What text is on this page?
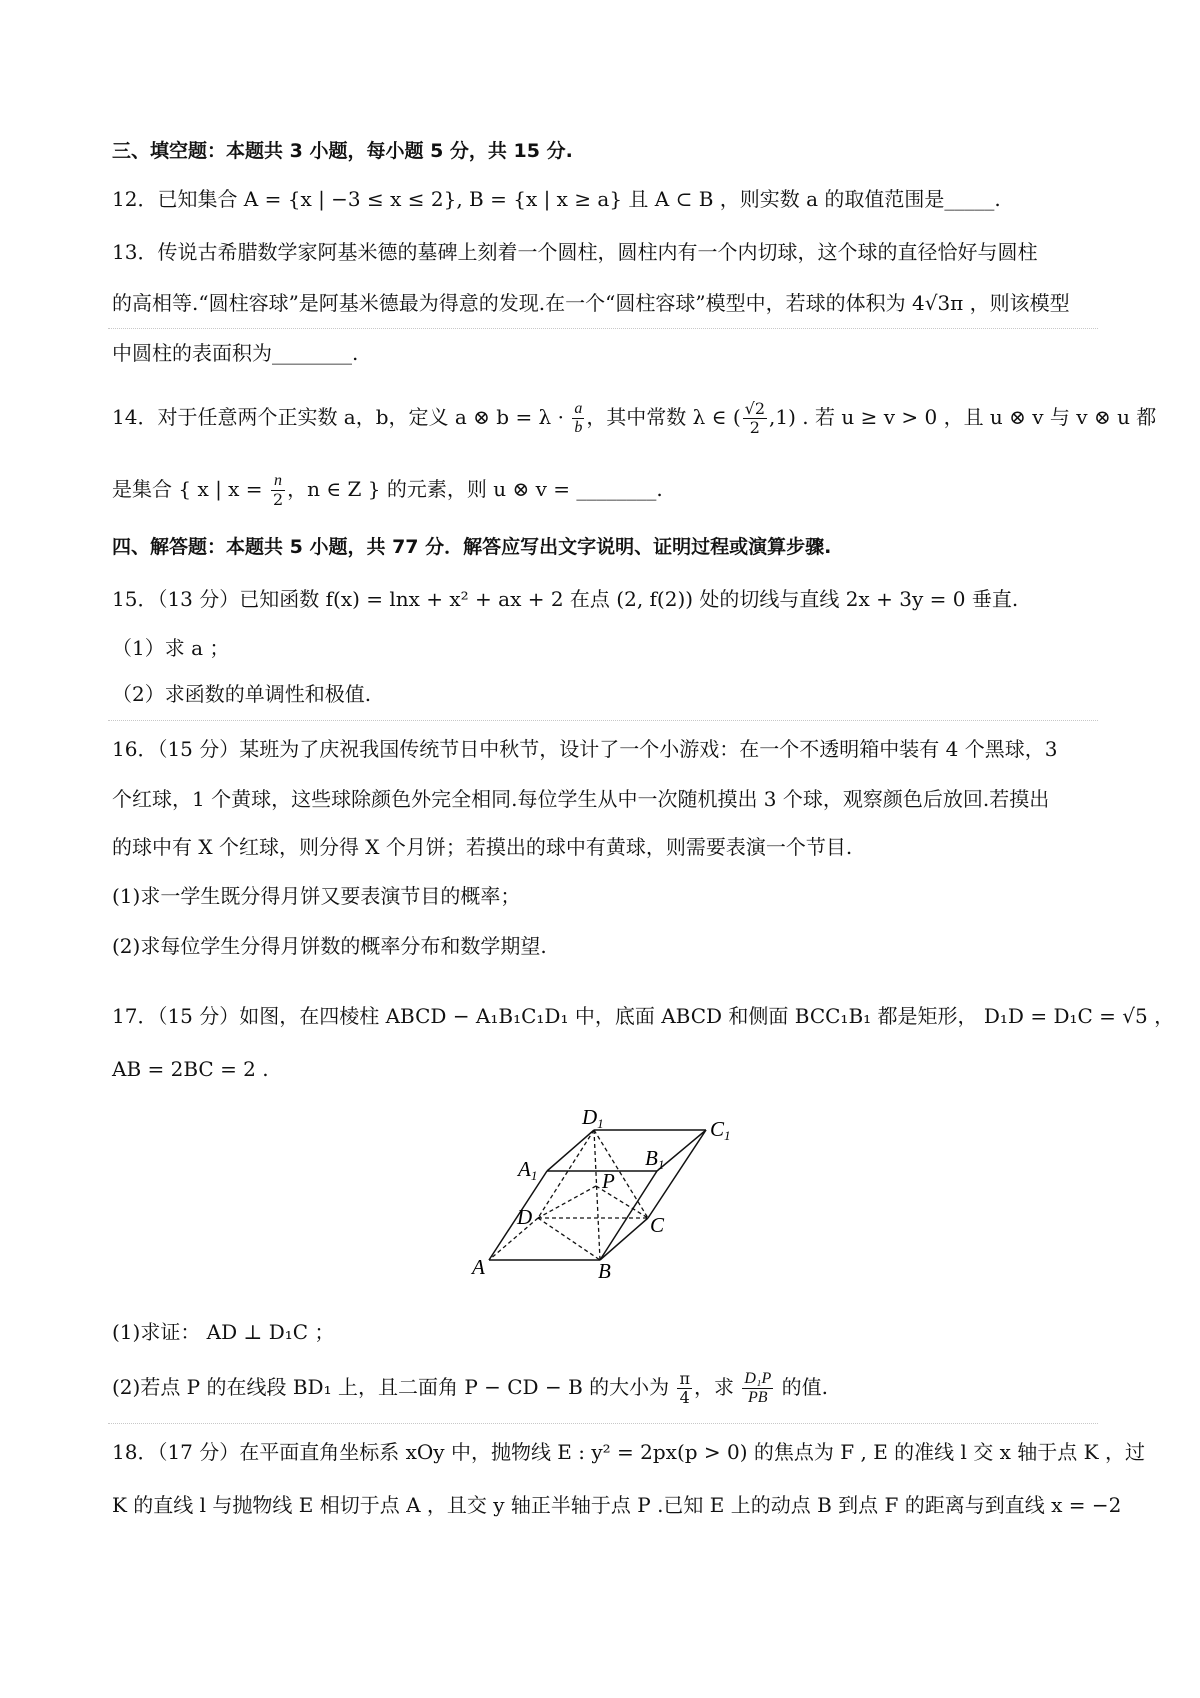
三、填空题：本题共 3 小题，每小题 5 分，共 15 分.
12．已知集合 A = {x | −3 ≤ x ≤ 2}, B = {x | x ≥ a} 且 A ⊂ B ，则实数 a 的取值范围是_____.
13．传说古希腊数学家阿基米德的墓碑上刻着一个圆柱，圆柱内有一个内切球，这个球的直径恰好与圆柱
的高相等.“圆柱容球”是阿基米德最为得意的发现.在一个“圆柱容球”模型中，若球的体积为 4√3π ，则该模型
中圆柱的表面积为________.
14．对于任意两个正实数 a，b，定义 a ⊗ $b = \lambda \cdot \frac{a}{b}$ ，其中常数 λ ∈ ( $\frac{√2}{2} ,1$) . 若 u ≥ v > 0 ，且 u ⊗ v 与 v ⊗ u 都
是集合 { x | $x = \frac{n}{2}$ ，n ∈ Z } 的元素，则 u ⊗ v = ________.
四、解答题：本题共 5 小题，共 77 分．解答应写出文字说明、证明过程或演算步骤.
15．（13 分）已知函数 f(x) = lnx + x² + ax + 2 在点 (2, f(2)) 处的切线与直线 2x + 3y = 0 垂直.
（1）求 a ；
（2）求函数的单调性和极值.
16．（15 分）某班为了庆祝我国传统节日中秋节，设计了一个小游戏：在一个不透明箱中装有 4 个黑球，3
个红球，1 个黄球，这些球除颜色外完全相同.每位学生从中一次随机摸出 3 个球，观察颜色后放回.若摸出
的球中有 X 个红球，则分得 X 个月饼；若摸出的球中有黄球，则需要表演一个节目.
(1)求一学生既分得月饼又要表演节目的概率；
(2)求每位学生分得月饼数的概率分布和数学期望.
17．（15 分）如图，在四棱柱 ABCD − A₁B₁C₁D₁ 中，底面 ABCD 和侧面 BCC₁B₁ 都是矩形， D₁D = D₁C = √5 ，
AB = 2BC = 2 .
D1	C1
A1
B1
P
D	C
A	B
(1)求证： AD ⊥ D₁C ；
(2)若点 P 的在线段 BD₁ 上，且二面角 P − CD − B 的大小为 $\frac{\pi}{4}$ ，求 $\frac{\text{D₁P}}{PB}$ 的值.
18．（17 分）在平面直角坐标系 xOy 中，抛物线 E : y² = 2px(p > 0) 的焦点为 F , E 的准线 l 交 x 轴于点 K ，过
K 的直线 l 与抛物线 E 相切于点 A ，且交 y 轴正半轴于点 P .已知 E 上的动点 B 到点 F 的距离与到直线 x = −2
